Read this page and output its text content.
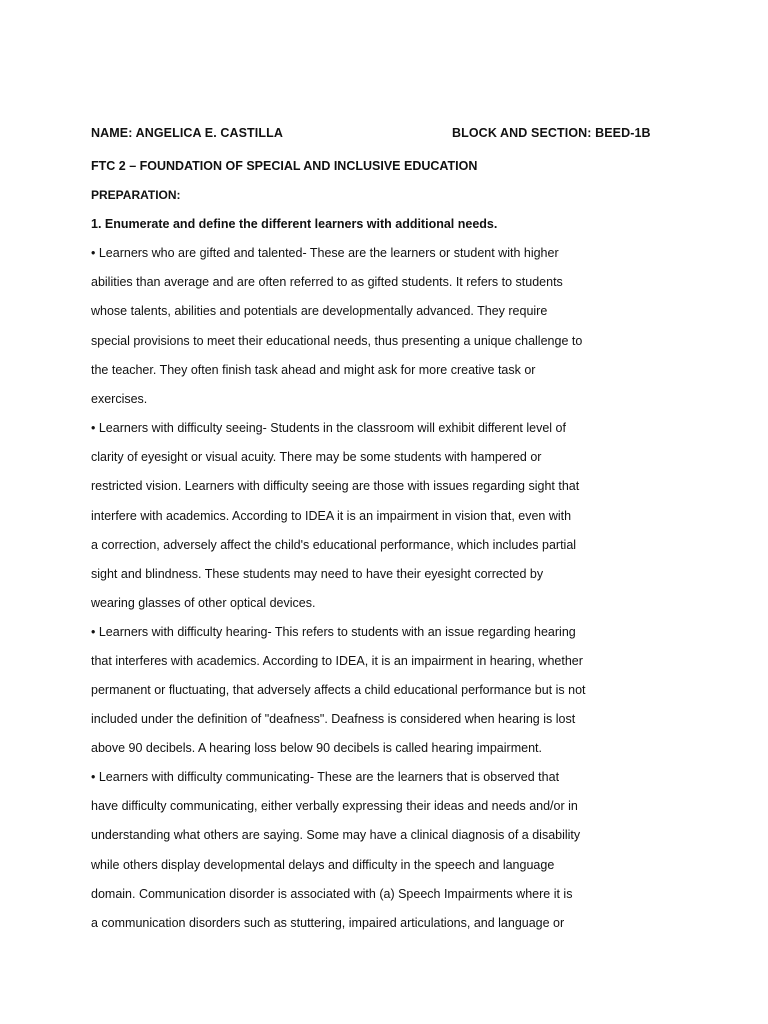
NAME: ANGELICA E. CASTILLA	BLOCK AND SECTION: BEED-1B
FTC 2 – FOUNDATION OF SPECIAL AND INCLUSIVE EDUCATION
PREPARATION:
1. Enumerate and define the different learners with additional needs.
• Learners who are gifted and talented- These are the learners or student with higher
abilities than average and are often referred to as gifted students. It refers to students
whose talents, abilities and potentials are developmentally advanced. They require
special provisions to meet their educational needs, thus presenting a unique challenge to
the teacher. They often finish task ahead and might ask for more creative task or
exercises.
• Learners with difficulty seeing- Students in the classroom will exhibit different level of
clarity of eyesight or visual acuity. There may be some students with hampered or
restricted vision. Learners with difficulty seeing are those with issues regarding sight that
interfere with academics. According to IDEA it is an impairment in vision that, even with
a correction, adversely affect the child's educational performance, which includes partial
sight and blindness. These students may need to have their eyesight corrected by
wearing glasses of other optical devices.
• Learners with difficulty hearing- This refers to students with an issue regarding hearing
that interferes with academics. According to IDEA, it is an impairment in hearing, whether
permanent or fluctuating, that adversely affects a child educational performance but is not
included under the definition of "deafness". Deafness is considered when hearing is lost
above 90 decibels. A hearing loss below 90 decibels is called hearing impairment.
• Learners with difficulty communicating- These are the learners that is observed that
have difficulty communicating, either verbally expressing their ideas and needs and/or in
understanding what others are saying. Some may have a clinical diagnosis of a disability
while others display developmental delays and difficulty in the speech and language
domain. Communication disorder is associated with (a) Speech Impairments where it is
a communication disorders such as stuttering, impaired articulations, and language or
